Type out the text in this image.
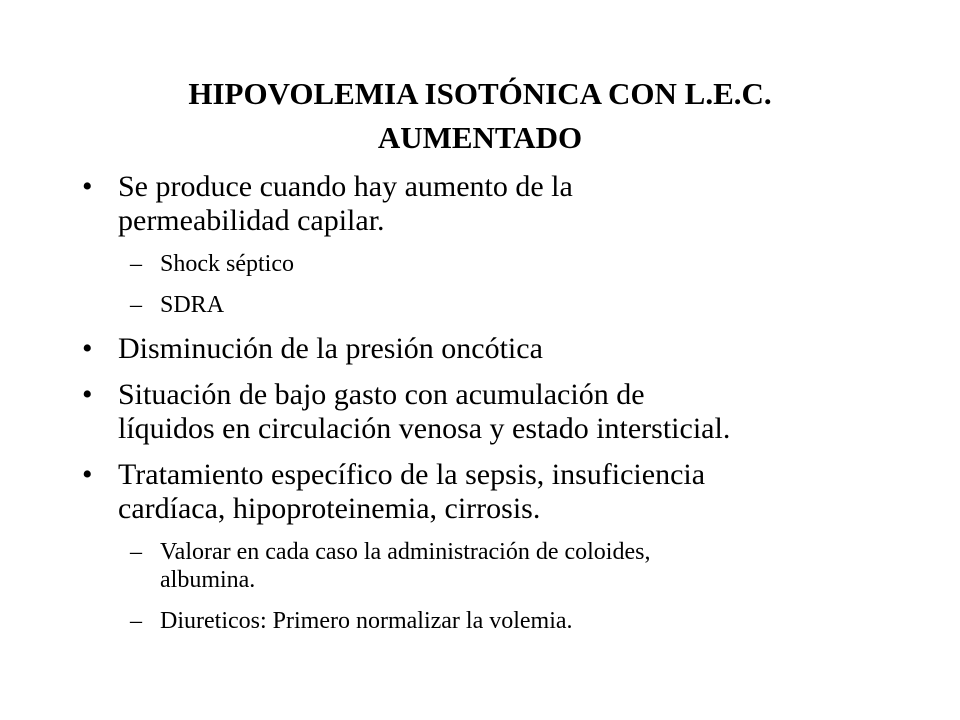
HIPOVOLEMIA ISOTÓNICA CON L.E.C.
AUMENTADO
• Se produce cuando hay aumento de la
permeabilidad capilar.
– Shock séptico
– SDRA
• Disminución de la presión oncótica
• Situación de bajo gasto con acumulación de
líquidos en circulación venosa y estado intersticial.
• Tratamiento específico de la sepsis, insuficiencia
cardíaca, hipoproteinemia, cirrosis.
– Valorar en cada caso la administración de coloides,
albumina.
– Diureticos: Primero normalizar la volemia.
